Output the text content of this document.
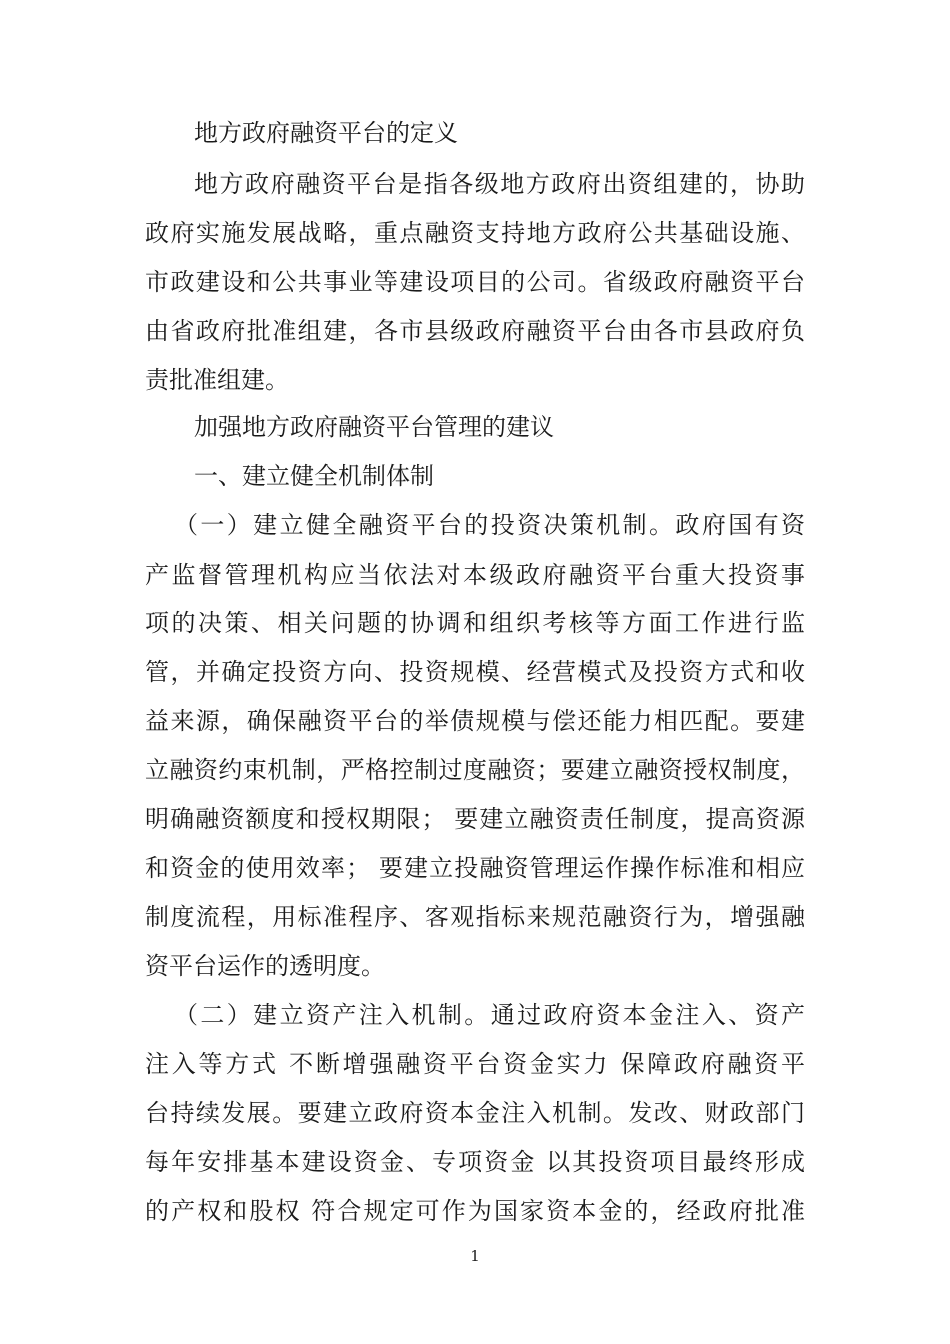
地方政府融资平台的定义
地方政府融资平台是指各级地方政府出资组建的，协助
政府实施发展战略，重点融资支持地方政府公共基础设施、
市政建设和公共事业等建设项目的公司。省级政府融资平台
由省政府批准组建，各市县级政府融资平台由各市县政府负
责批准组建。
加强地方政府融资平台管理的建议
一、建立健全机制体制
（一）建立健全融资平台的投资决策机制。政府国有资
产监督管理机构应当依法对本级政府融资平台重大投资事
项的决策、相关问题的协调和组织考核等方面工作进行监
管，并确定投资方向、投资规模、经营模式及投资方式和收
益来源，确保融资平台的举债规模与偿还能力相匹配。要建
立融资约束机制，严格控制过度融资；要建立融资授权制度，
明确融资额度和授权期限； 要建立融资责任制度，提高资源
和资金的使用效率； 要建立投融资管理运作操作标准和相应
制度流程，用标准程序、客观指标来规范融资行为，增强融
资平台运作的透明度。
（二）建立资产注入机制。通过政府资本金注入、资产
注入等方式 不断增强融资平台资金实力 保障政府融资平
台持续发展。要建立政府资本金注入机制。发改、财政部门
每年安排基本建设资金、专项资金 以其投资项目最终形成
的产权和股权 符合规定可作为国家资本金的，经政府批准
1
